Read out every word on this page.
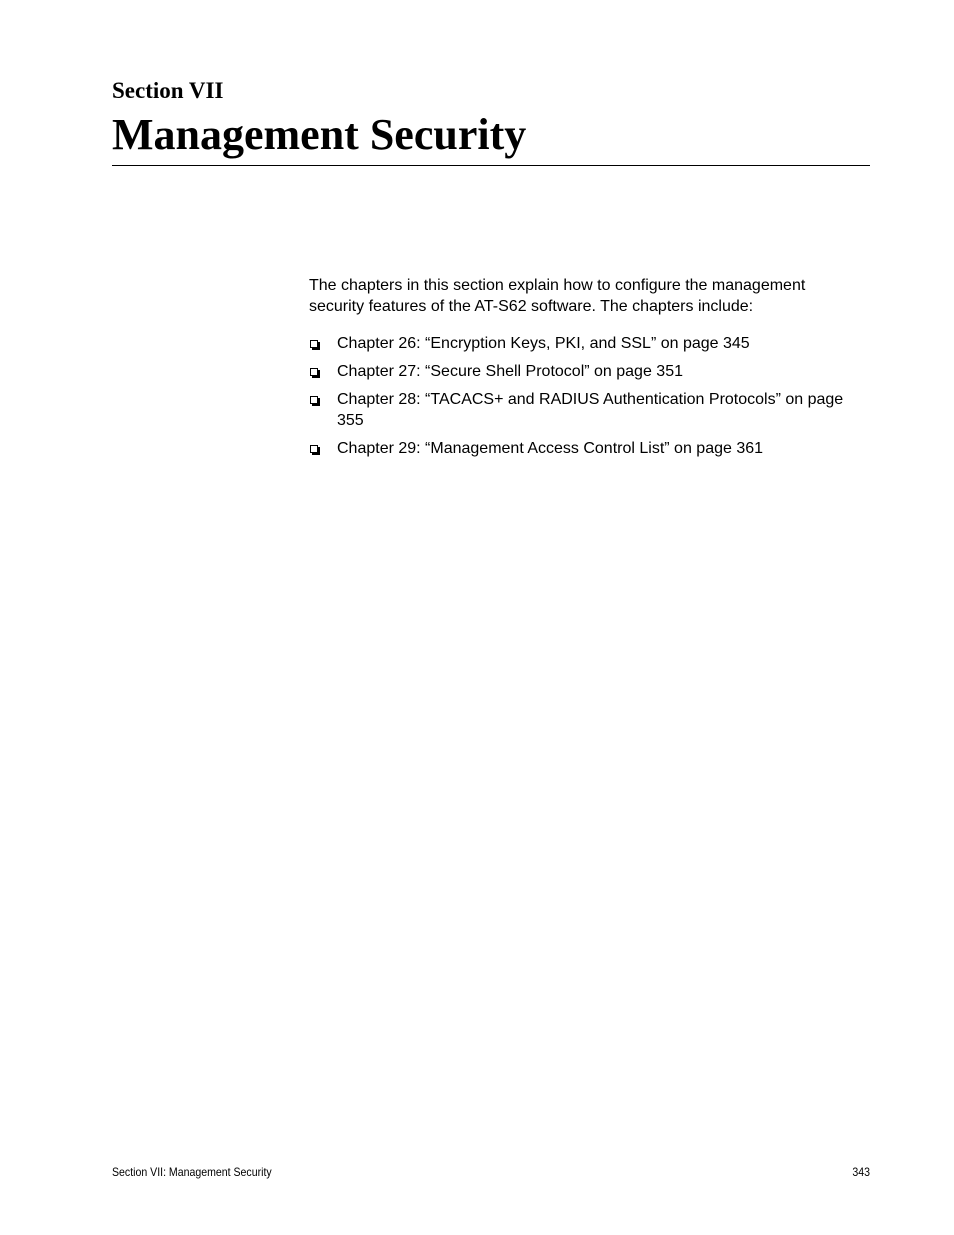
Section VII
Management Security

The chapters in this section explain how to configure the management security features of the AT-S62 software. The chapters include:

Chapter 26: “Encryption Keys, PKI, and SSL” on page 345
Chapter 27: “Secure Shell Protocol” on page 351
Chapter 28: “TACACS+ and RADIUS Authentication Protocols” on page 355
Chapter 29: “Management Access Control List” on page 361
Section VII: Management Security	343
